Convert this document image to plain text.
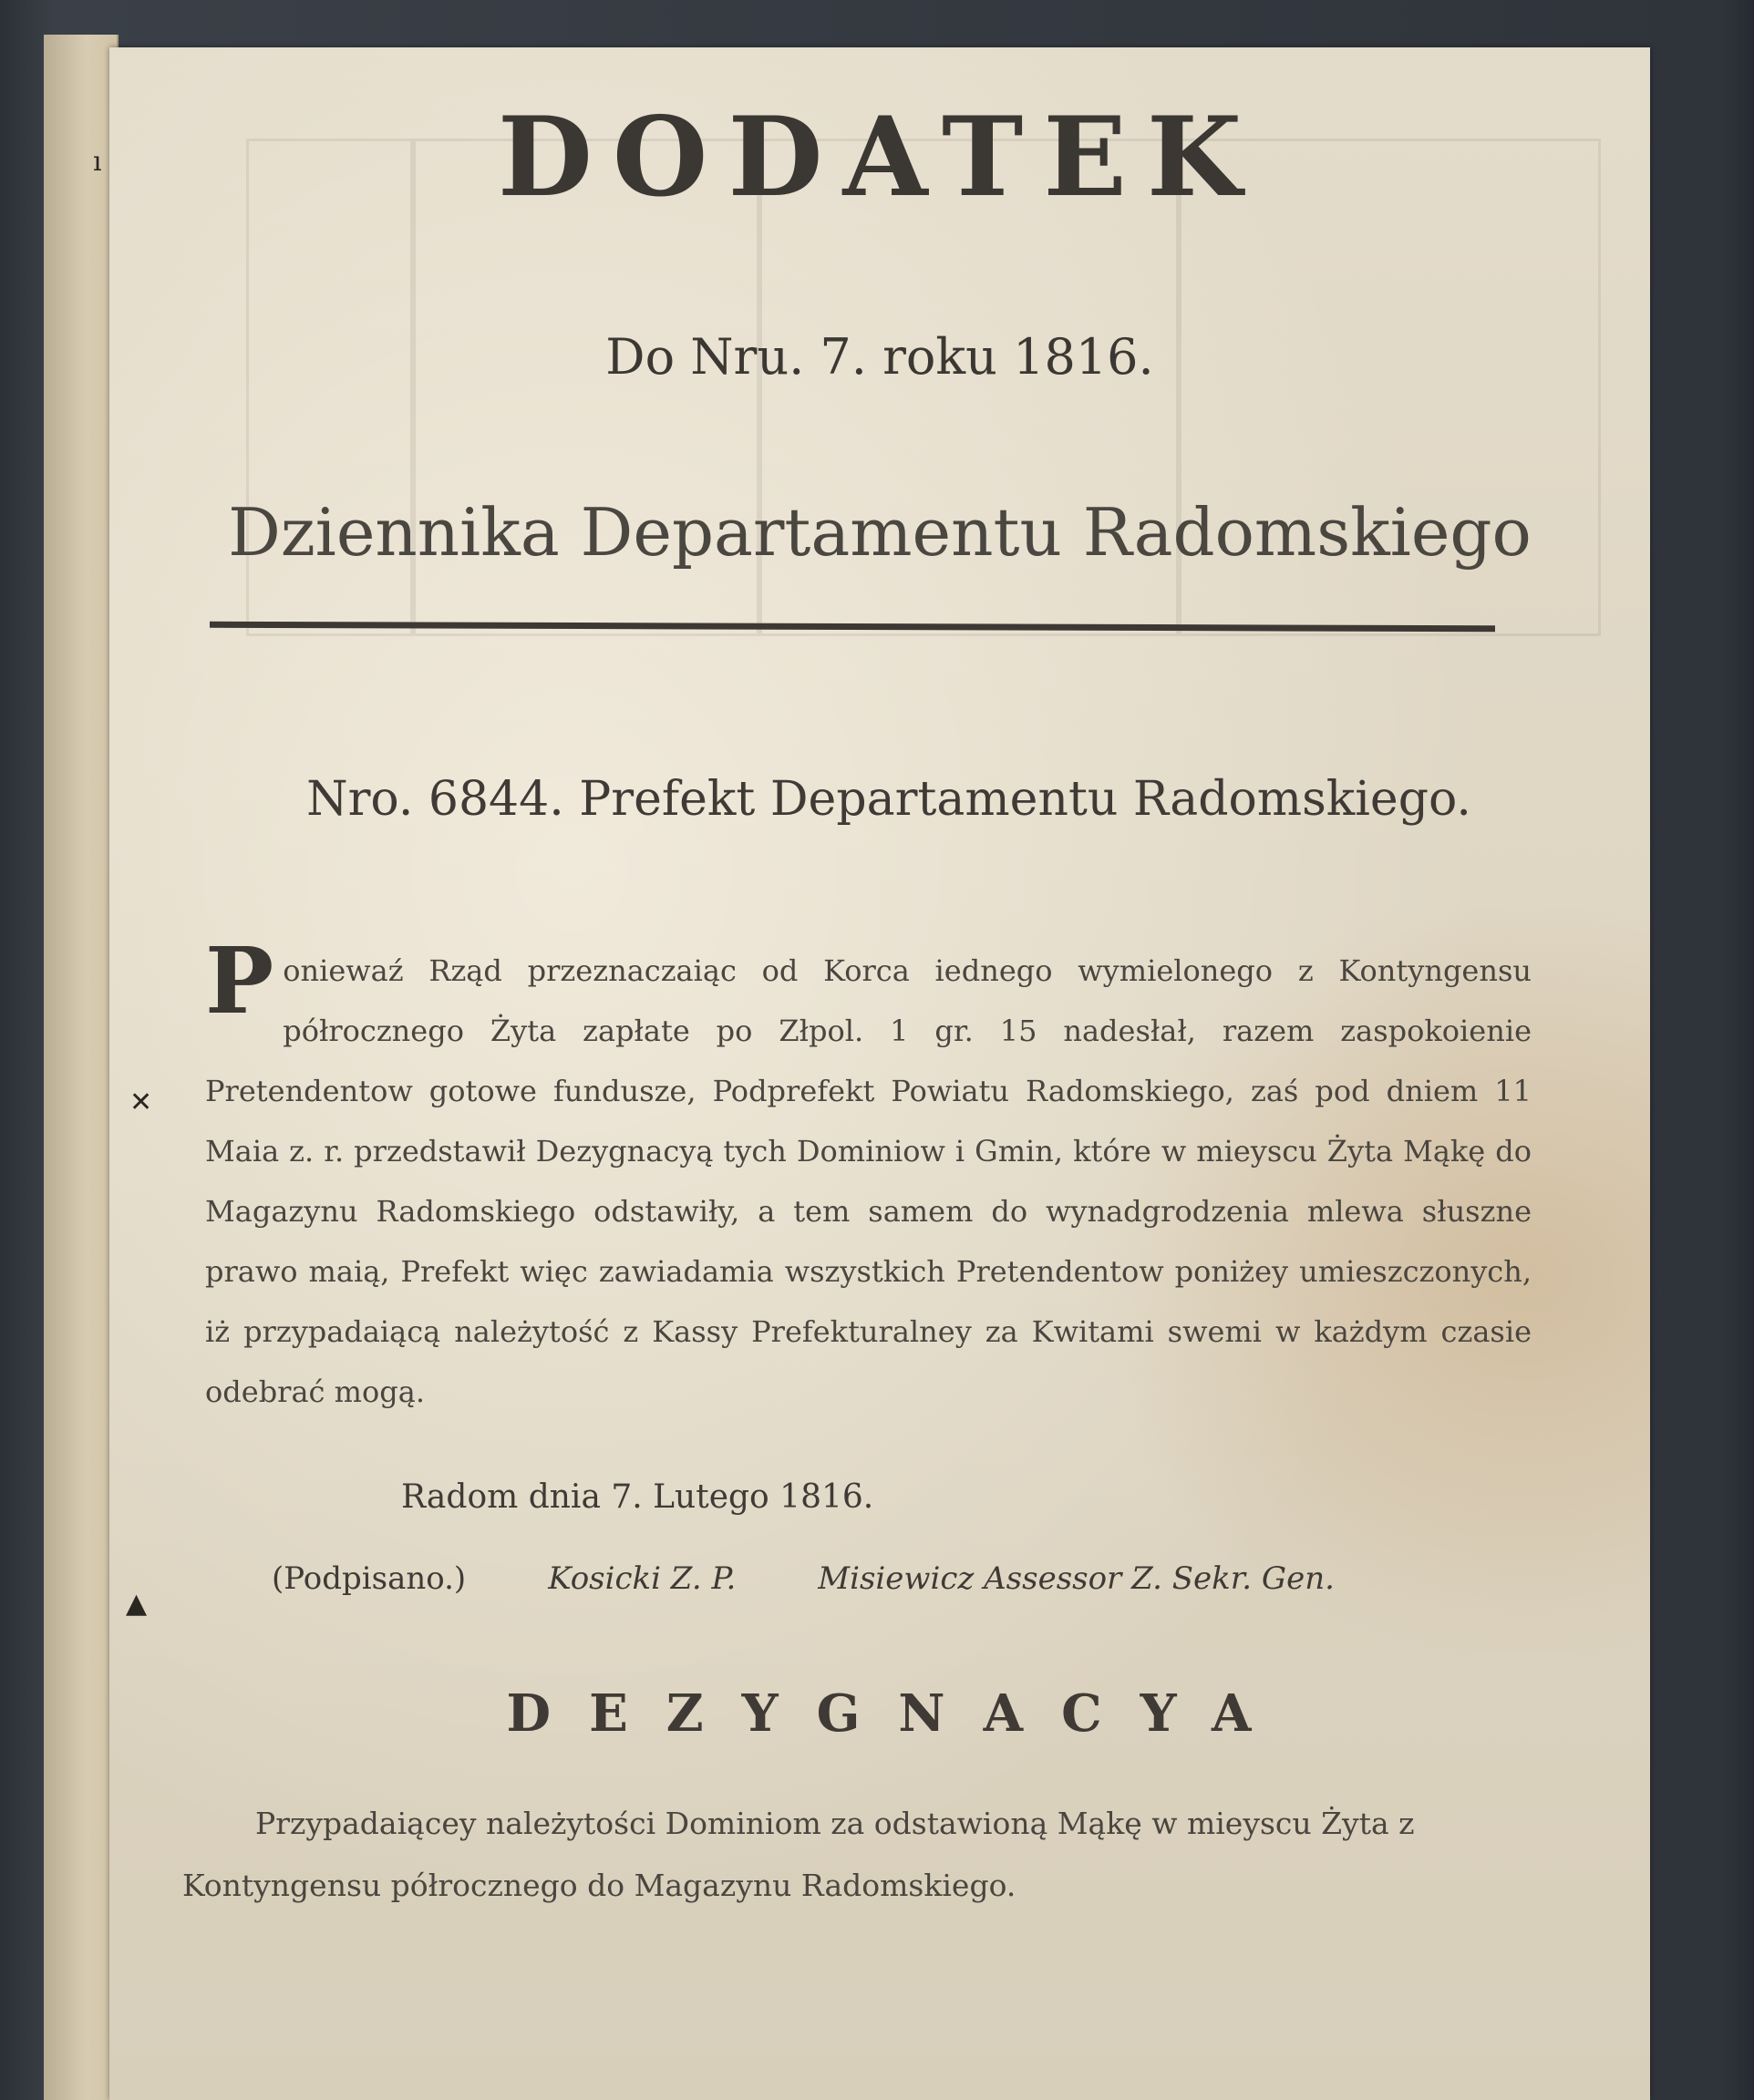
DODATEK
Do Nru. 7. roku 1816.
Dziennika Departamentu Radomskiego
Nro. 6844. Prefekt Departamentu Radomskiego.
P oniewaź Rząd przeznaczaiąc od Korca iednego wymielonego z Kontyngensu półrocznego Żyta zapłate po Złpol. 1 gr. 15 nadesłał, razem zaspokoienie Pretendentow gotowe fundusze, Podprefekt Powiatu Radomskiego, zaś pod dniem 11 Maia z. r. przedstawił Dezygnacyą tych Dominiow i Gmin, które w mieyscu Żyta Mąkę do Magazynu Radomskiego odstawiły, a tem samem do wynadgrodzenia mlewa słuszne prawo maią, Prefekt więc zawiadamia wszystkich Pretendentow poniżey umieszczonych, iż przypadaiącą należytość z Kassy Prefekturalney za Kwitami swemi w każdym czasie odebrać mogą.
Radom dnia 7. Lutego 1816.
(Podpisano.)	Kosicki Z. P.	Misiewicz Assessor Z. Sekr. Gen.
DEZYGNACYA
Przypadaiącey należytości Dominiom za odstawioną Mąkę w mieyscu Żyta z Kontyngensu półrocznego do Magazynu Radomskiego.
ı
✕
▲
